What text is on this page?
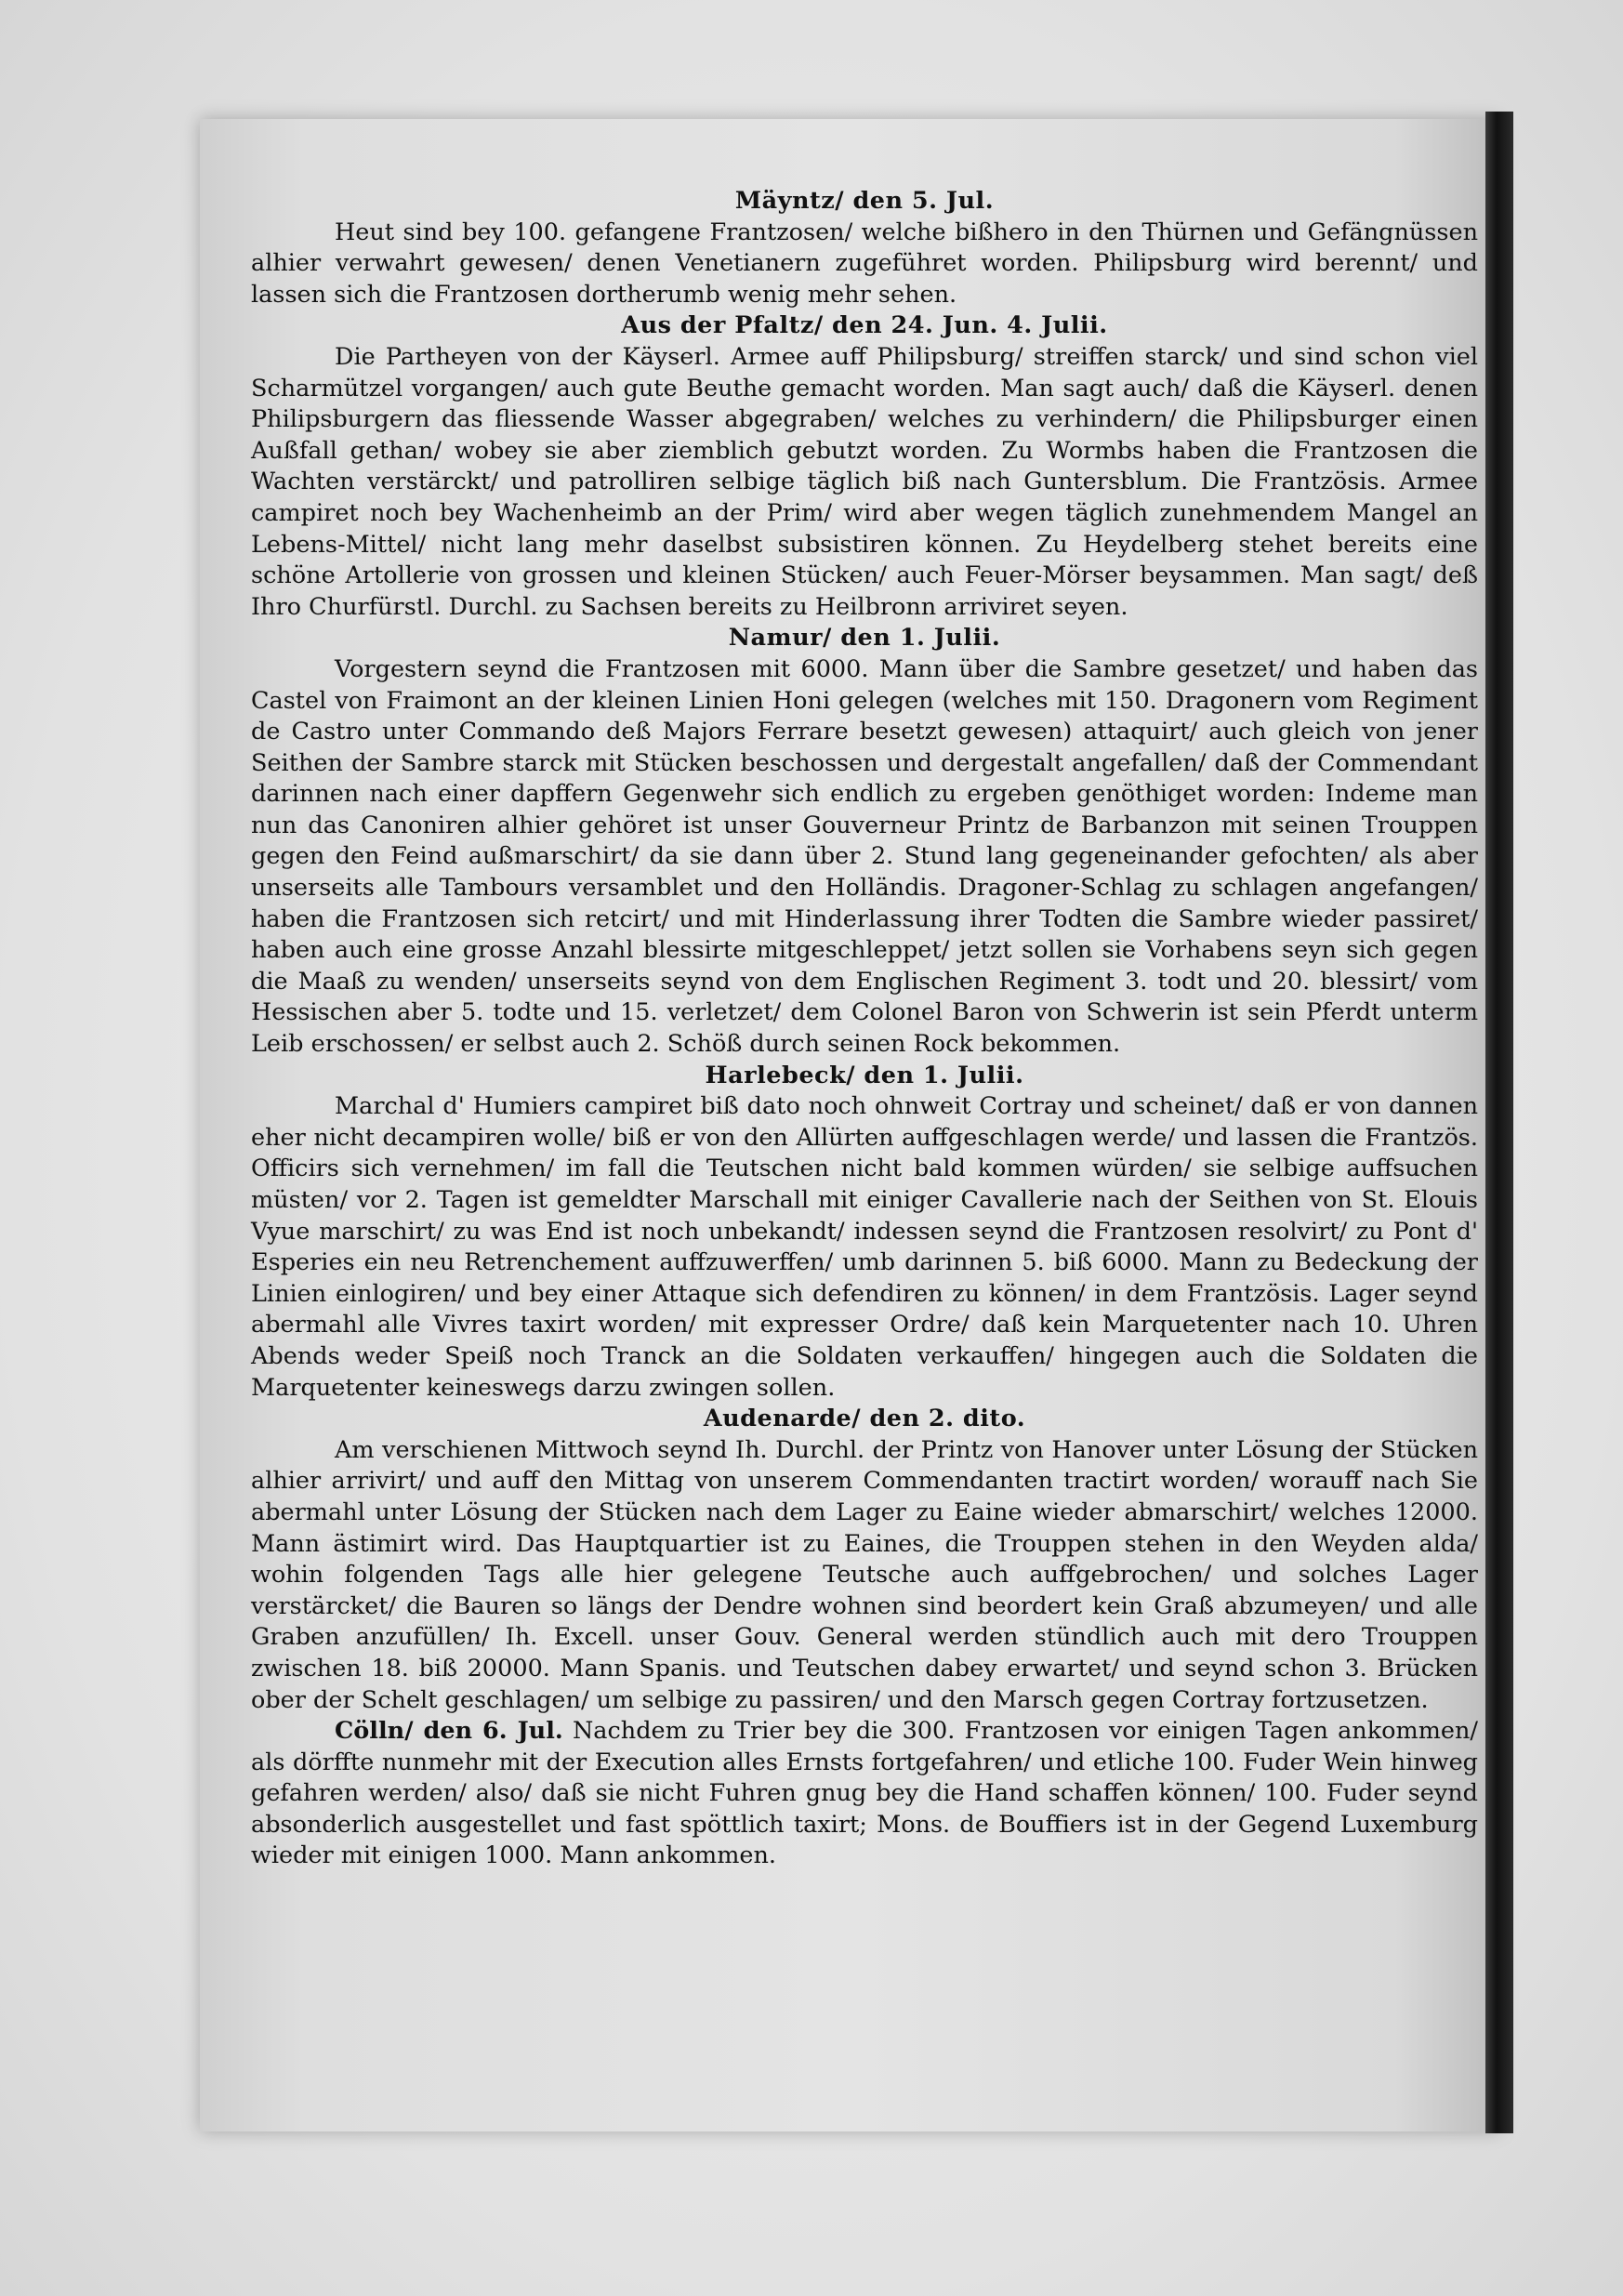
Mäyntz/ den 5. Jul.

Heut sind bey 100. gefangene Frantzosen/ welche bißhero in den Thürnen und Gefängnüssen alhier verwahrt gewesen/ denen Venetianern zugeführet worden. Philipsburg wird berennt/ und lassen sich die Frantzosen dortherumb wenig mehr sehen.

Aus der Pfaltz/ den 24. Jun. 4. Julii.

Die Partheyen von der Käyserl. Armee auff Philipsburg/ streiffen starck/ und sind schon viel Scharmützel vorgangen/ auch gute Beuthe gemacht worden. Man sagt auch/ daß die Käyserl. denen Philipsburgern das fliessende Wasser abgegraben/ welches zu verhindern/ die Philipsburger einen Außfall gethan/ wobey sie aber ziemblich gebutzt worden. Zu Wormbs haben die Frantzosen die Wachten verstärckt/ und patrolliren selbige täglich biß nach Guntersblum. Die Frantzösis. Armee campiret noch bey Wachenheimb an der Prim/ wird aber wegen täglich zunehmendem Mangel an Lebens-Mittel/ nicht lang mehr daselbst subsistiren können. Zu Heydelberg stehet bereits eine schöne Artollerie von grossen und kleinen Stücken/ auch Feuer-Mörser beysammen. Man sagt/ deß Ihro Churfürstl. Durchl. zu Sachsen bereits zu Heilbronn arriviret seyen.

Namur/ den 1. Julii.

Vorgestern seynd die Frantzosen mit 6000. Mann über die Sambre gesetzet/ und haben das Castel von Fraimont an der kleinen Linien Honi gelegen (welches mit 150. Dragonern vom Regiment de Castro unter Commando deß Majors Ferrare besetzt gewesen) attaquirt/ auch gleich von jener Seithen der Sambre starck mit Stücken beschossen und dergestalt angefallen/ daß der Commendant darinnen nach einer dapffern Gegenwehr sich endlich zu ergeben genöthiget worden: Indeme man nun das Canoniren alhier gehöret ist unser Gouverneur Printz de Barbanzon mit seinen Trouppen gegen den Feind außmarschirt/ da sie dann über 2. Stund lang gegeneinander gefochten/ als aber unserseits alle Tambours versamblet und den Holländis. Dragoner-Schlag zu schlagen angefangen/ haben die Frantzosen sich retcirt/ und mit Hinderlassung ihrer Todten die Sambre wieder passiret/ haben auch eine grosse Anzahl blessirte mitgeschleppet/ jetzt sollen sie Vorhabens seyn sich gegen die Maaß zu wenden/ unserseits seynd von dem Englischen Regiment 3. todt und 20. blessirt/ vom Hessischen aber 5. todte und 15. verletzet/ dem Colonel Baron von Schwerin ist sein Pferdt unterm Leib erschossen/ er selbst auch 2. Schöß durch seinen Rock bekommen.

Harlebeck/ den 1. Julii.

Marchal d' Humiers campiret biß dato noch ohnweit Cortray und scheinet/ daß er von dannen eher nicht decampiren wolle/ biß er von den Allürten auffgeschlagen werde/ und lassen die Frantzös. Officirs sich vernehmen/ im fall die Teutschen nicht bald kommen würden/ sie selbige auffsuchen müsten/ vor 2. Tagen ist gemeldter Marschall mit einiger Cavallerie nach der Seithen von St. Elouis Vyue marschirt/ zu was End ist noch unbekandt/ indessen seynd die Frantzosen resolvirt/ zu Pont d' Esperies ein neu Retrenchement auffzuwerffen/ umb darinnen 5. biß 6000. Mann zu Bedeckung der Linien einlogiren/ und bey einer Attaque sich defendiren zu können/ in dem Frantzösis. Lager seynd abermahl alle Vivres taxirt worden/ mit expresser Ordre/ daß kein Marquetenter nach 10. Uhren Abends weder Speiß noch Tranck an die Soldaten verkauffen/ hingegen auch die Soldaten die Marquetenter keineswegs darzu zwingen sollen.

Audenarde/ den 2. dito.

Am verschienen Mittwoch seynd Ih. Durchl. der Printz von Hanover unter Lösung der Stücken alhier arrivirt/ und auff den Mittag von unserem Commendanten tractirt worden/ worauff nach Sie abermahl unter Lösung der Stücken nach dem Lager zu Eaine wieder abmarschirt/ welches 12000. Mann ästimirt wird. Das Hauptquartier ist zu Eaines, die Trouppen stehen in den Weyden alda/ wohin folgenden Tags alle hier gelegene Teutsche auch auffgebrochen/ und solches Lager verstärcket/ die Bauren so längs der Dendre wohnen sind beordert kein Graß abzumeyen/ und alle Graben anzufüllen/ Ih. Excell. unser Gouv. General werden stündlich auch mit dero Trouppen zwischen 18. biß 20000. Mann Spanis. und Teutschen dabey erwartet/ und seynd schon 3. Brücken ober der Schelt geschlagen/ um selbige zu passiren/ und den Marsch gegen Cortray fortzusetzen.

Cölln/ den 6. Jul. Nachdem zu Trier bey die 300. Frantzosen vor einigen Tagen ankommen/ als dörffte nunmehr mit der Execution alles Ernsts fortgefahren/ und etliche 100. Fuder Wein hinweg gefahren werden/ also/ daß sie nicht Fuhren gnug bey die Hand schaffen können/ 100. Fuder seynd absonderlich ausgestellet und fast spöttlich taxirt; Mons. de Bouffiers ist in der Gegend Luxemburg wieder mit einigen 1000. Mann ankommen.
